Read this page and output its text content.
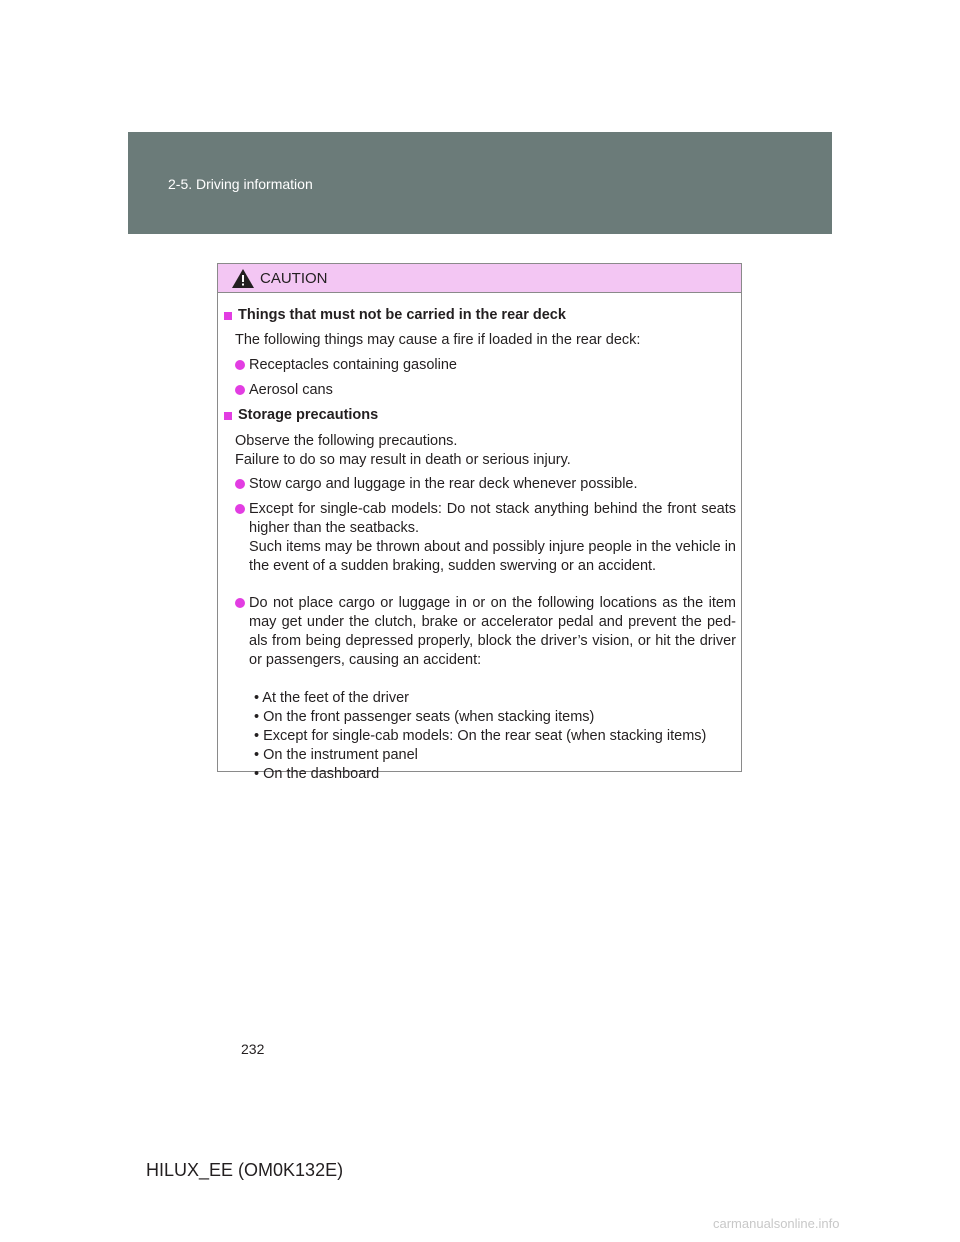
2-5. Driving information
CAUTION
Things that must not be carried in the rear deck
The following things may cause a fire if loaded in the rear deck:
Receptacles containing gasoline
Aerosol cans
Storage precautions
Observe the following precautions.
Failure to do so may result in death or serious injury.
Stow cargo and luggage in the rear deck whenever possible.
Except for single-cab models: Do not stack anything behind the front seats higher than the seatbacks.
Such items may be thrown about and possibly injure people in the vehicle in the event of a sudden braking, sudden swerving or an accident.
Do not place cargo or luggage in or on the following locations as the item may get under the clutch, brake or accelerator pedal and prevent the ped- als from being depressed properly, block the driver’s vision, or hit the driver or passengers, causing an accident:
• At the feet of the driver
• On the front passenger seats (when stacking items)
• Except for single-cab models: On the rear seat (when stacking items)
• On the instrument panel
• On the dashboard
232
HILUX_EE (OM0K132E)
carmanualsonline.info
